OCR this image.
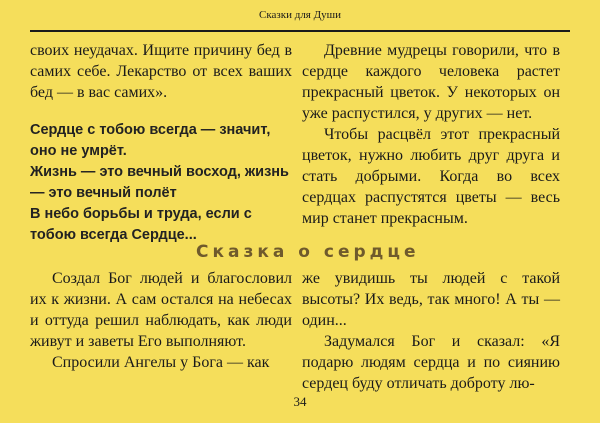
Сказки для Души

своих неудачах. Ищите причину бед в самих себе. Лекарство от всех ваших бед — в вас самих».

Сердце с тобою всегда — значит, оно не умрёт.

Жизнь — это вечный восход, жизнь — это вечный полёт

В небо борьбы и труда, если с тобою всегда Сердце...

Древние мудрецы говорили, что в сердце каждого человека растет прекрасный цветок. У некоторых он уже распустился, у других — нет.

Чтобы расцвёл этот прекрасный цветок, нужно любить друг друга и стать добрыми. Когда во всех сердцах распустятся цветы — весь мир станет прекрасным.

Сказка о сердце

Создал Бог людей и благословил их к жизни. А сам остался на небесах и оттуда решил наблюдать, как люди живут и заветы Его выполняют.

Спросили Ангелы у Бога — как

же увидишь ты людей с такой высоты? Их ведь, так много! А ты — один...

Задумался Бог и сказал: «Я подарю людям сердца и по сиянию сердец буду отличать доброту лю-

34
